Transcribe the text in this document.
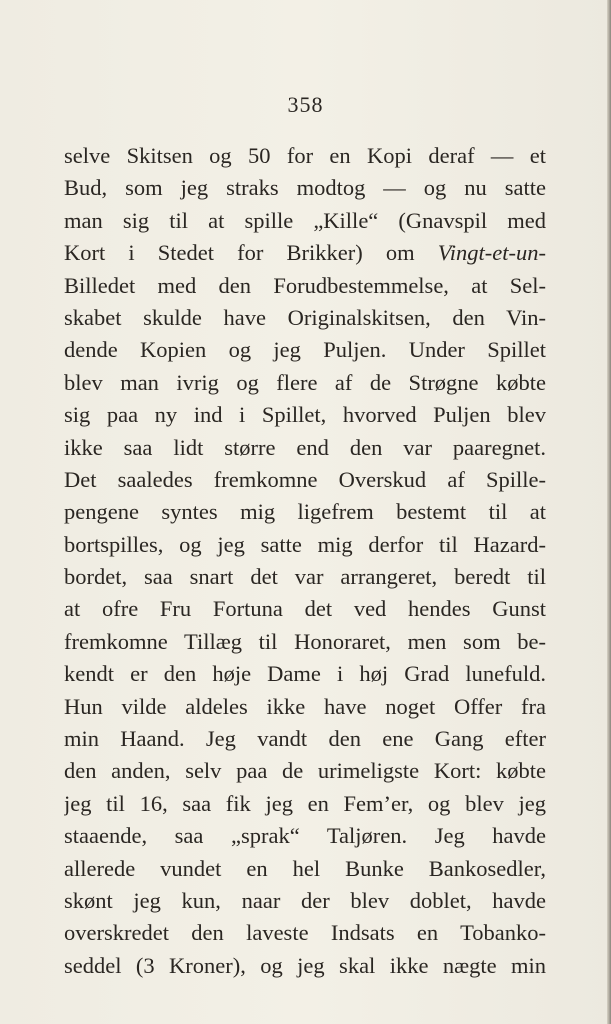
358
selve Skitsen og 50 for en Kopi deraf — et
Bud, som jeg straks modtog — og nu satte
man sig til at spille „Kille“ (Gnavspil med
Kort i Stedet for Brikker) om Vingt-et-un-
Billedet med den Forudbestemmelse, at Sel-
skabet skulde have Originalskitsen, den Vin-
dende Kopien og jeg Puljen. Under Spillet
blev man ivrig og flere af de Strøgne købte
sig paa ny ind i Spillet, hvorved Puljen blev
ikke saa lidt større end den var paaregnet.
Det saaledes fremkomne Overskud af Spille-
pengene syntes mig ligefrem bestemt til at
bortspilles, og jeg satte mig derfor til Hazard-
bordet, saa snart det var arrangeret, beredt til
at ofre Fru Fortuna det ved hendes Gunst
fremkomne Tillæg til Honoraret, men som be-
kendt er den høje Dame i høj Grad lunefuld.
Hun vilde aldeles ikke have noget Offer fra
min Haand. Jeg vandt den ene Gang efter
den anden, selv paa de urimeligste Kort: købte
jeg til 16, saa fik jeg en Fem’er, og blev jeg
staaende, saa „sprak“ Taljøren. Jeg havde
allerede vundet en hel Bunke Bankosedler,
skønt jeg kun, naar der blev doblet, havde
overskredet den laveste Indsats en Tobanko-
seddel (3 Kroner), og jeg skal ikke nægte min
